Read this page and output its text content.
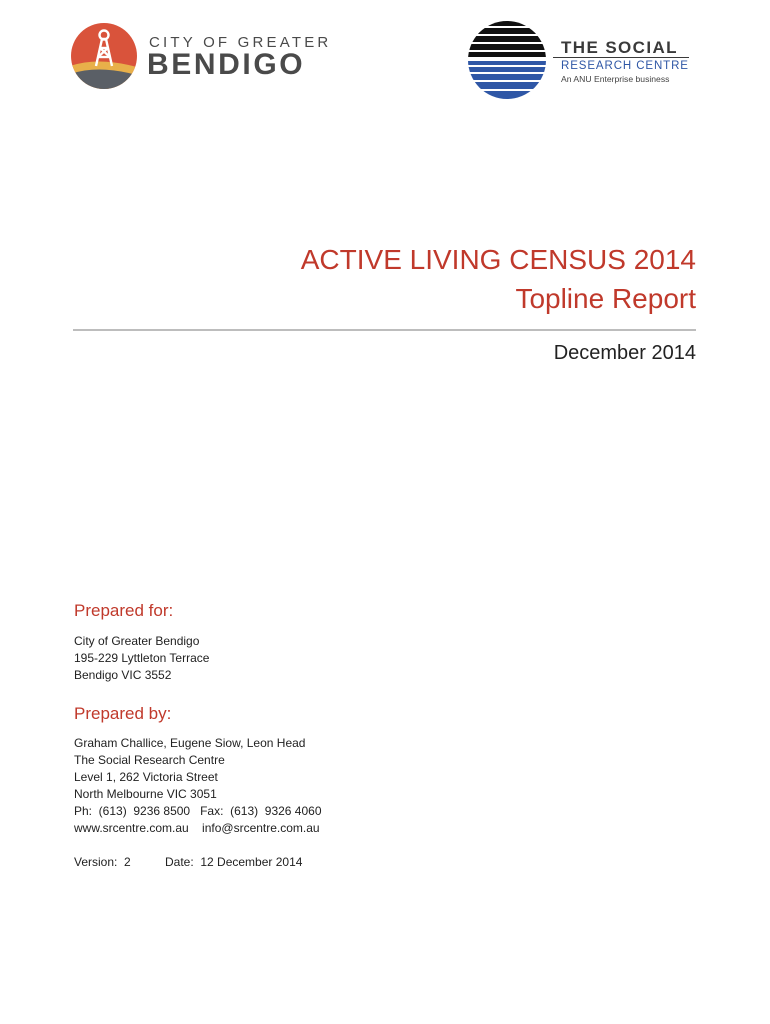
CITY OF GREATER
BENDIGO
THE SOCIAL
RESEARCH CENTRE
An ANU Enterprise business
ACTIVE LIVING CENSUS 2014
Topline Report
December 2014
Prepared for:
City of Greater Bendigo
195-229 Lyttleton Terrace
Bendigo VIC 3552
Prepared by:
Graham Challice, Eugene Siow, Leon Head
The Social Research Centre
Level 1, 262 Victoria Street
North Melbourne VIC 3051
Ph:  (613)  9236 8500   Fax:  (613)  9326 4060
www.srcentre.com.au    info@srcentre.com.au
Version:  2	Date:  12 December 2014
